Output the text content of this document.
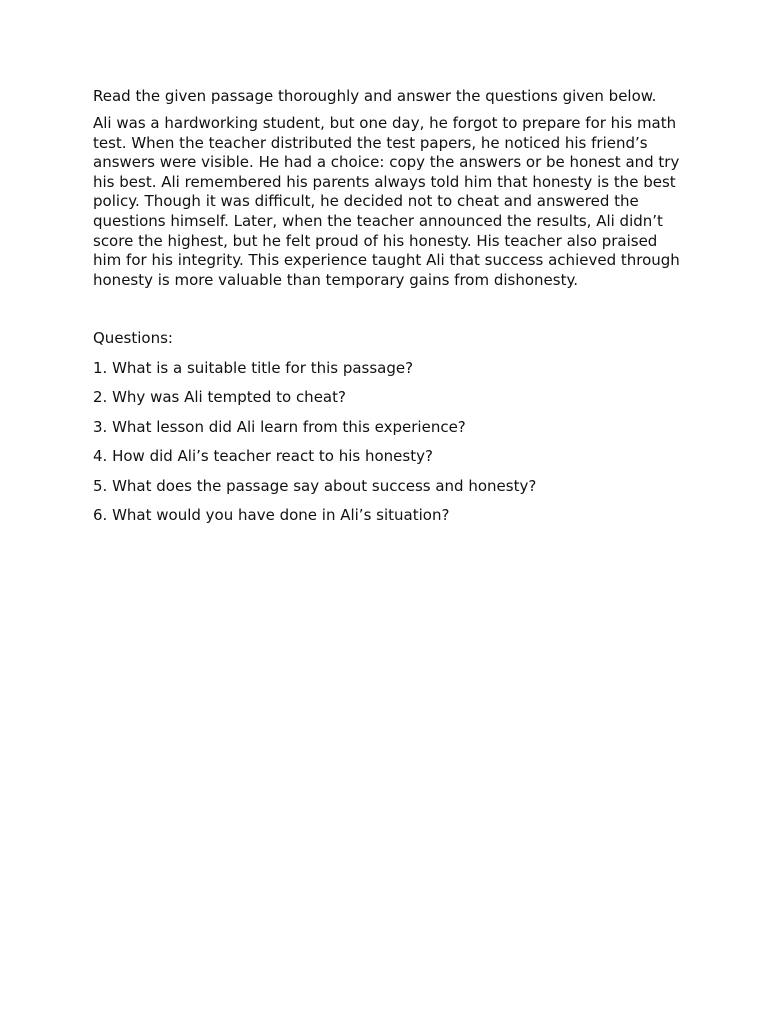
Read the given passage thoroughly and answer the questions given below.

Ali was a hardworking student, but one day, he forgot to prepare for his math test. When the teacher distributed the test papers, he noticed his friend’s answers were visible. He had a choice: copy the answers or be honest and try his best. Ali remembered his parents always told him that honesty is the best policy. Though it was difficult, he decided not to cheat and answered the questions himself. Later, when the teacher announced the results, Ali didn’t score the highest, but he felt proud of his honesty. His teacher also praised him for his integrity. This experience taught Ali that success achieved through honesty is more valuable than temporary gains from dishonesty.

Questions:

1. What is a suitable title for this passage?
2. Why was Ali tempted to cheat?
3. What lesson did Ali learn from this experience?
4. How did Ali’s teacher react to his honesty?
5. What does the passage say about success and honesty?
6. What would you have done in Ali’s situation?
